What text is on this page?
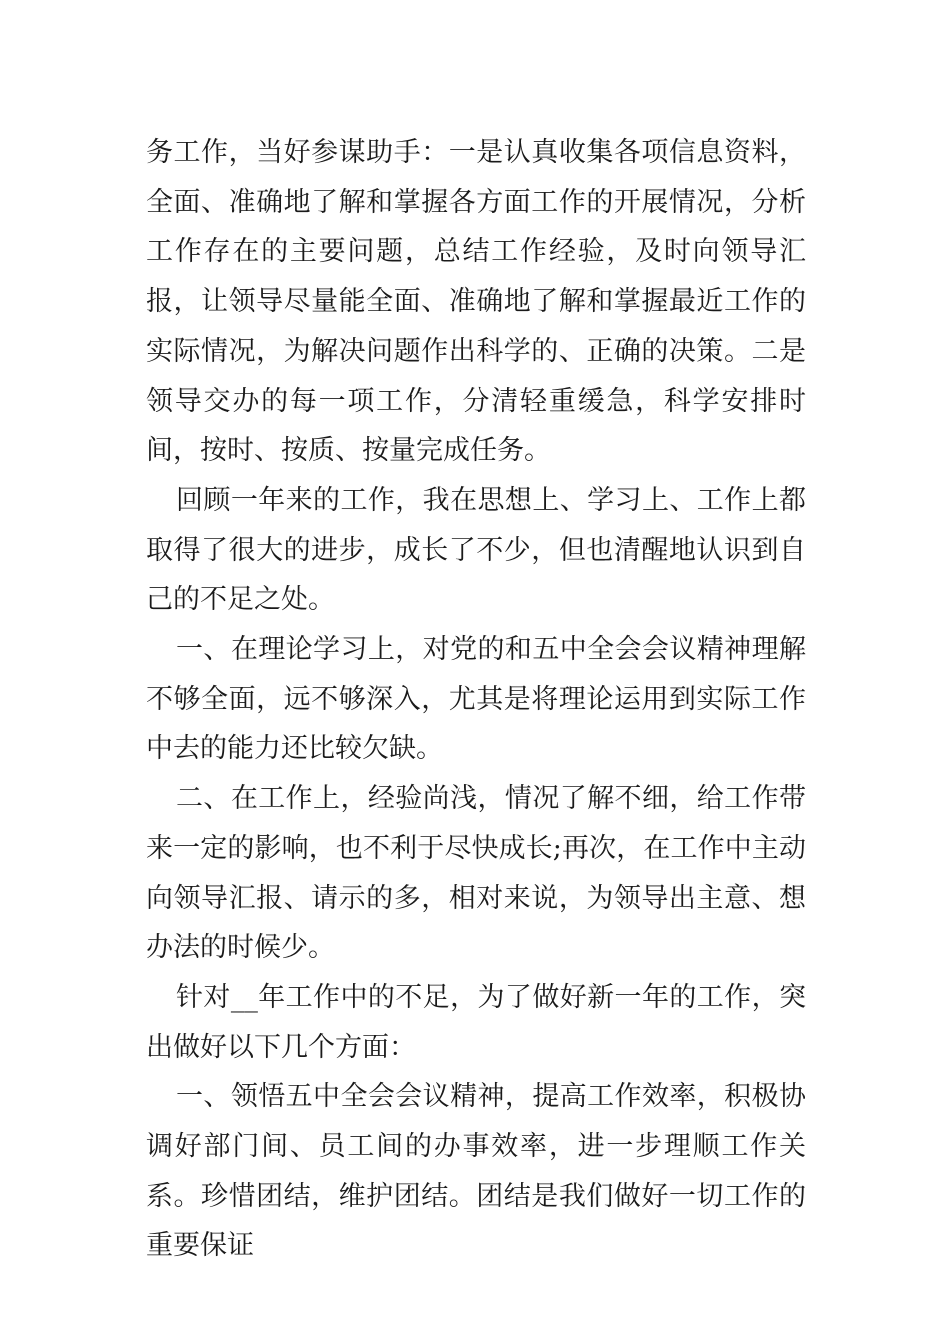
务工作，当好参谋助手：一是认真收集各项信息资料，全面、准确地了解和掌握各方面工作的开展情况，分析工作存在的主要问题，总结工作经验，及时向领导汇报，让领导尽量能全面、准确地了解和掌握最近工作的实际情况，为解决问题作出科学的、正确的决策。二是领导交办的每一项工作，分清轻重缓急，科学安排时间，按时、按质、按量完成任务。

回顾一年来的工作，我在思想上、学习上、工作上都取得了很大的进步，成长了不少，但也清醒地认识到自己的不足之处。

一、在理论学习上，对党的和五中全会会议精神理解不够全面，远不够深入，尤其是将理论运用到实际工作中去的能力还比较欠缺。

二、在工作上，经验尚浅，情况了解不细，给工作带来一定的影响，也不利于尽快成长;再次，在工作中主动向领导汇报、请示的多，相对来说，为领导出主意、想办法的时候少。

针对__年工作中的不足，为了做好新一年的工作，突出做好以下几个方面：

一、领悟五中全会会议精神，提高工作效率，积极协调好部门间、员工间的办事效率，进一步理顺工作关系。珍惜团结，维护团结。团结是我们做好一切工作的重要保证
